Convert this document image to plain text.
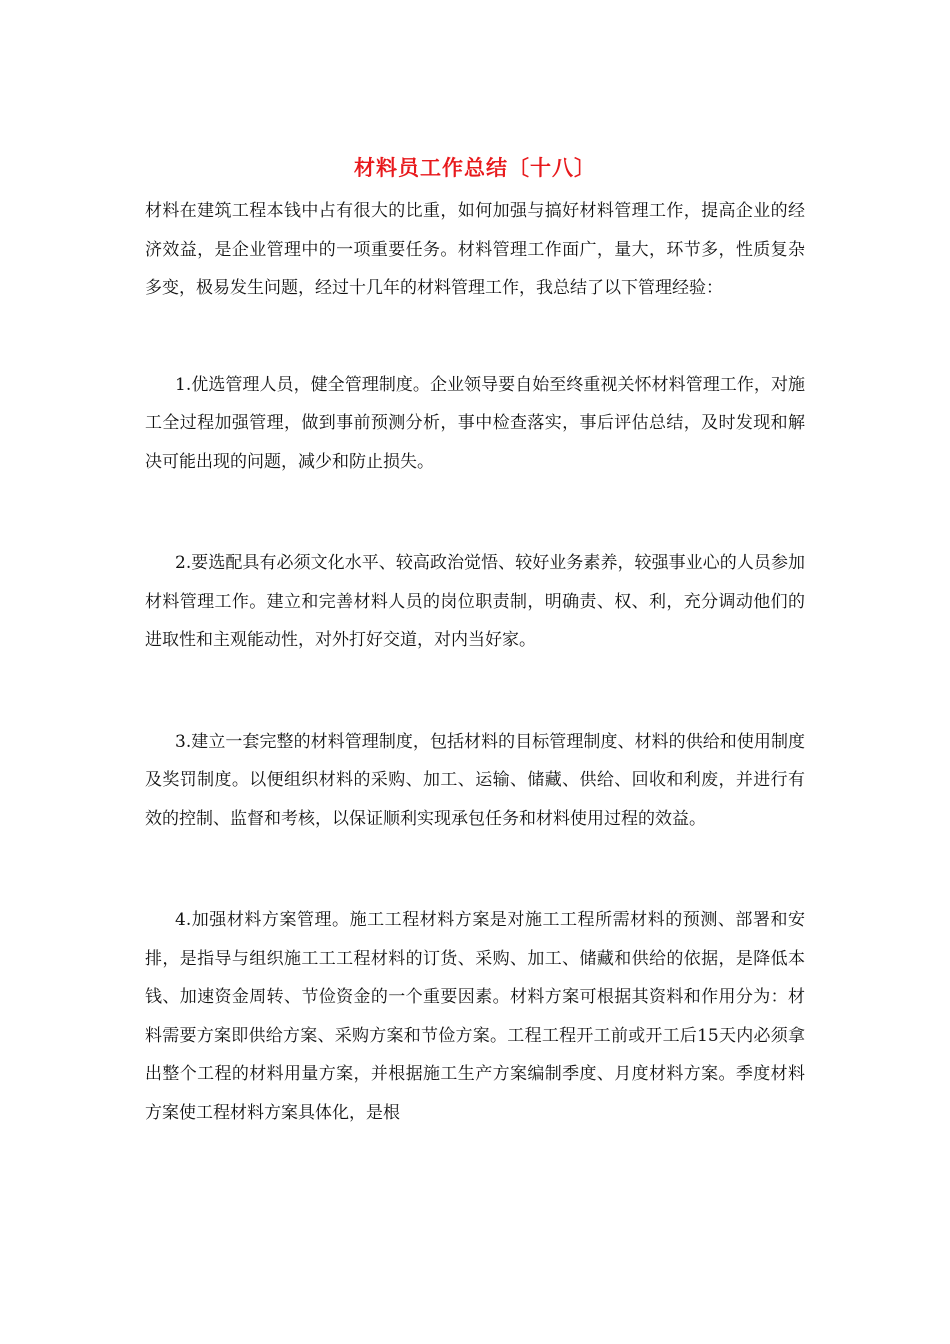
材料员工作总结〔十八〕

材料在建筑工程本钱中占有很大的比重，如何加强与搞好材料管理工作，提高企业的经济效益，是企业管理中的一项重要任务。材料管理工作面广，量大，环节多，性质复杂多变，极易发生问题，经过十几年的材料管理工作，我总结了以下管理经验：

1.优选管理人员，健全管理制度。企业领导要自始至终重视关怀材料管理工作，对施工全过程加强管理，做到事前预测分析，事中检查落实，事后评估总结，及时发现和解决可能出现的问题，减少和防止损失。

2.要选配具有必须文化水平、较高政治觉悟、较好业务素养，较强事业心的人员参加材料管理工作。建立和完善材料人员的岗位职责制，明确责、权、利，充分调动他们的进取性和主观能动性，对外打好交道，对内当好家。

3.建立一套完整的材料管理制度，包括材料的目标管理制度、材料的供给和使用制度及奖罚制度。以便组织材料的采购、加工、运输、储藏、供给、回收和利废，并进行有效的控制、监督和考核，以保证顺利实现承包任务和材料使用过程的效益。

4.加强材料方案管理。施工工程材料方案是对施工工程所需材料的预测、部署和安排，是指导与组织施工工工程材料的订货、采购、加工、储藏和供给的依据，是降低本钱、加速资金周转、节俭资金的一个重要因素。材料方案可根据其资料和作用分为：材料需要方案即供给方案、采购方案和节俭方案。工程工程开工前或开工后15天内必须拿出整个工程的材料用量方案，并根据施工生产方案编制季度、月度材料方案。季度材料方案使工程材料方案具体化，是根
